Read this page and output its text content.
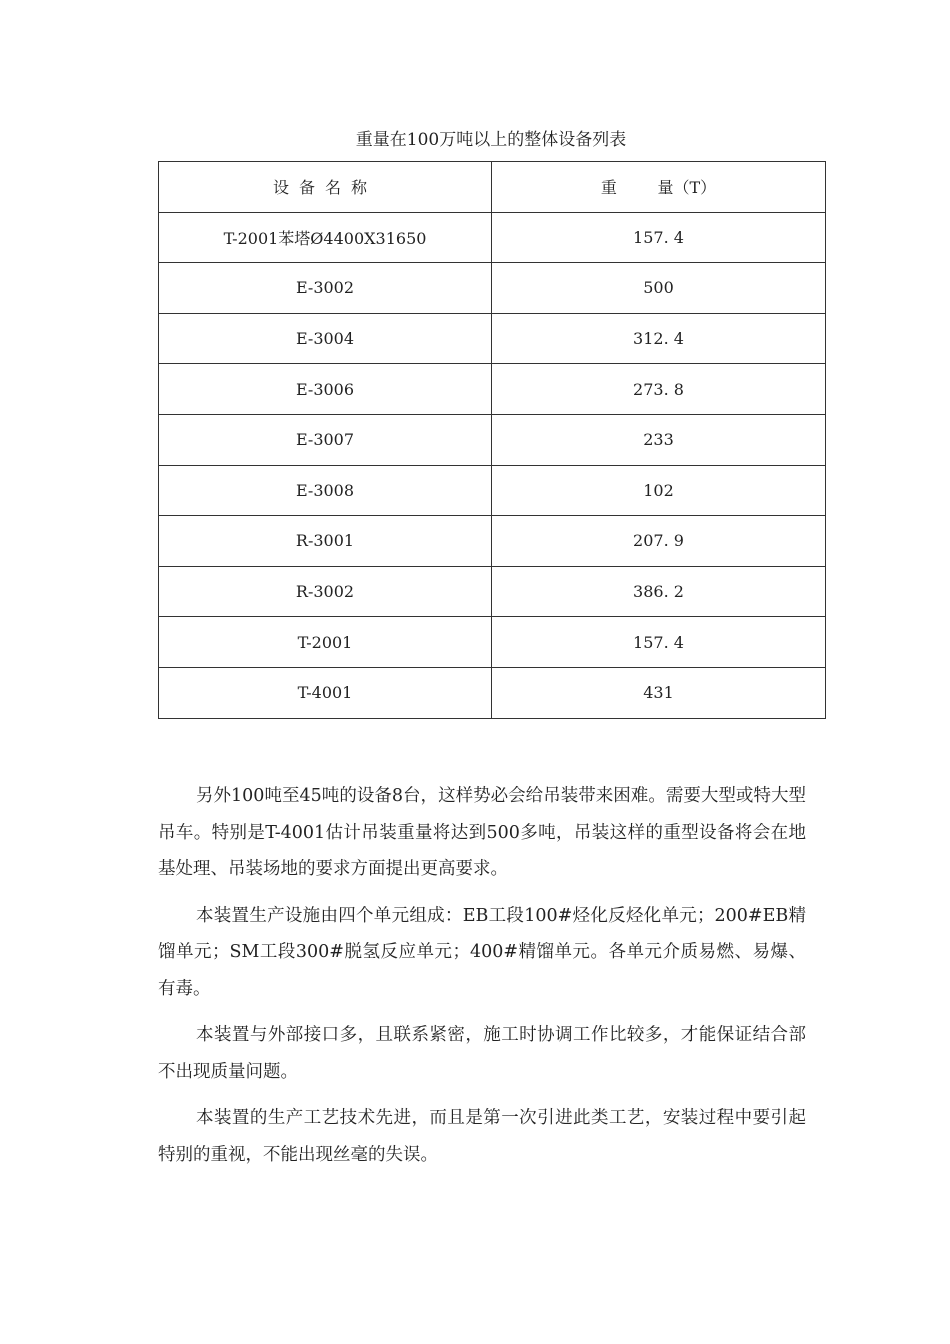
重量在100万吨以上的整体设备列表
设备名称	重        量（T）
T-2001苯塔Ø4400X31650	157. 4
E-3002	500
E-3004	312. 4
E-3006	273. 8
E-3007	233
E-3008	102
R-3001	207. 9
R-3002	386. 2
T-2001	157. 4
T-4001	431

另外100吨至45吨的设备8台，这样势必会给吊装带来困难。需要大型或特大型吊车。特别是T-4001估计吊装重量将达到500多吨，吊装这样的重型设备将会在地基处理、吊装场地的要求方面提出更高要求。

本装置生产设施由四个单元组成：EB工段100#烃化反烃化单元；200#EB精馏单元；SM工段300#脱氢反应单元；400#精馏单元。各单元介质易燃、易爆、有毒。

本装置与外部接口多，且联系紧密，施工时协调工作比较多，才能保证结合部不出现质量问题。

本装置的生产工艺技术先进，而且是第一次引进此类工艺，安装过程中要引起特别的重视，不能出现丝毫的失误。
